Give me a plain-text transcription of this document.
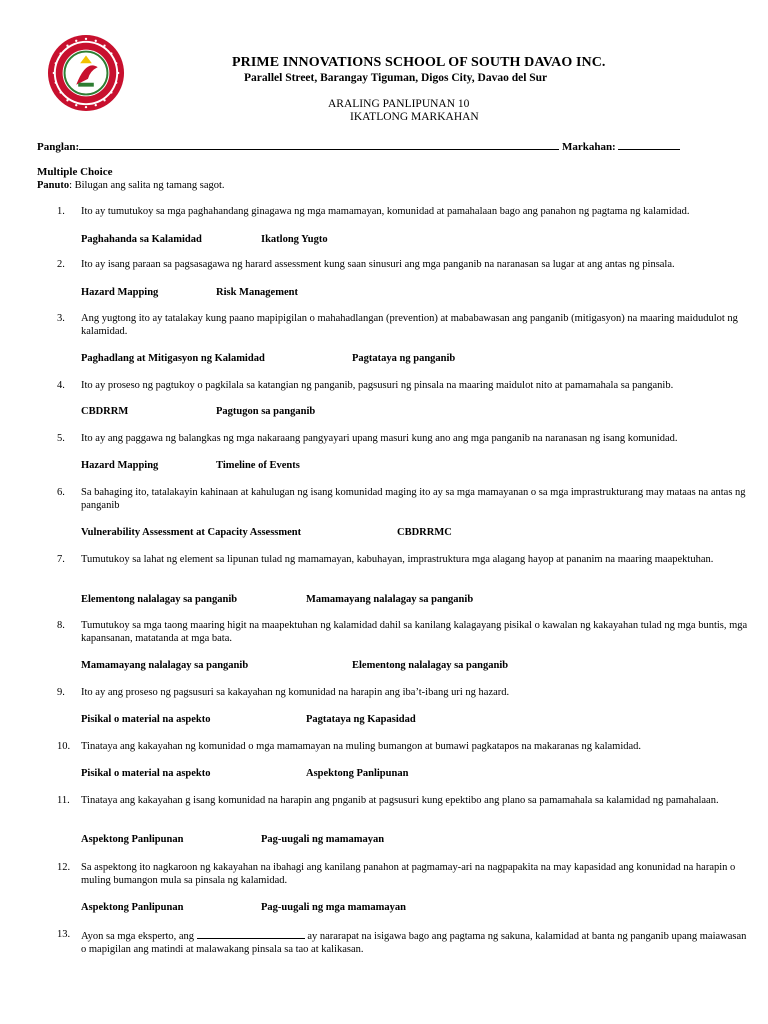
PRIME INNOVATIONS SCHOOL OF SOUTH DAVAO INC.
Parallel Street, Barangay Tiguman, Digos City, Davao del Sur
ARALING PANLIPUNAN 10
IKATLONG MARKAHAN
Panglan:	Markahan:
Multiple Choice
Panuto: Bilugan ang salita ng tamang sagot.
1. Ito ay tumutukoy sa mga paghahandang ginagawa ng mga mamamayan, komunidad at pamahalaan bago ang panahon ng pagtama ng kalamidad.
Paghahanda sa Kalamidad	Ikatlong Yugto
2. Ito ay isang paraan sa pagsasagawa ng harard assessment kung saan sinusuri ang mga panganib na naranasan sa lugar at ang antas ng pinsala.
Hazard Mapping	Risk Management
3. Ang yugtong ito ay tatalakay kung paano mapipigilan o mahahadlangan (prevention) at mababawasan ang panganib (mitigasyon) na maaring maidudulot ng kalamidad.
Paghadlang at Mitigasyon ng Kalamidad	Pagtataya ng panganib
4. Ito ay proseso ng pagtukoy o pagkilala sa katangian ng panganib, pagsusuri ng pinsala na maaring maidulot nito at pamamahala sa panganib.
CBDRRM	Pagtugon sa panganib
5. Ito ay ang paggawa ng balangkas ng mga nakaraang pangyayari upang masuri kung ano ang mga panganib na naranasan ng isang komunidad.
Hazard Mapping	Timeline of Events
6. Sa bahaging ito, tatalakayin kahinaan at kahulugan ng isang komunidad maging ito ay sa mga mamayanan o sa mga imprastrukturang may mataas na antas ng panganib
Vulnerability Assessment at Capacity Assessment	CBDRRMC
7. Tumutukoy sa lahat ng element sa lipunan tulad ng mamamayan, kabuhayan, imprastruktura mga alagang hayop at pananim na maaring maapektuhan.
Elementong nalalagay sa panganib	Mamamayang nalalagay sa panganib
8. Tumutukoy sa mga taong maaring higit na maapektuhan ng kalamidad dahil sa kanilang kalagayang pisikal o kawalan ng kakayahan tulad ng mga buntis, mga kapansanan, matatanda at mga bata.
Mamamayang nalalagay sa panganib	Elementong nalalagay sa panganib
9. Ito ay ang proseso ng pagsusuri sa kakayahan ng komunidad na harapin ang iba’t-ibang uri ng hazard.
Pisikal o material na aspekto	Pagtataya ng Kapasidad
10. Tinataya ang kakayahan ng komunidad o mga mamamayan na muling bumangon at bumawi pagkatapos na makaranas ng kalamidad.
Pisikal o material na aspekto	Aspektong Panlipunan
11. Tinataya ang kakayahan g isang komunidad na harapin ang pnganib at pagsusuri kung epektibo ang plano sa pamamahala sa kalamidad ng pamahalaan.
Aspektong Panlipunan	Pag-uugali ng mamamayan
12. Sa aspektong ito nagkaroon ng kakayahan na ibahagi ang kanilang panahon at pagmamay-ari na nagpapakita na may kapasidad ang konunidad na harapin o muling bumangon mula sa pinsala ng kalamidad.
Aspektong Panlipunan	Pag-uugali ng mga mamamayan
13. Ayon sa mga eksperto, ang	ay nararapat na isigawa bago ang pagtama ng sakuna, kalamidad at banta ng panganib upang maiawasan o mapigilan ang matindi at malawakang pinsala sa tao at kalikasan.
